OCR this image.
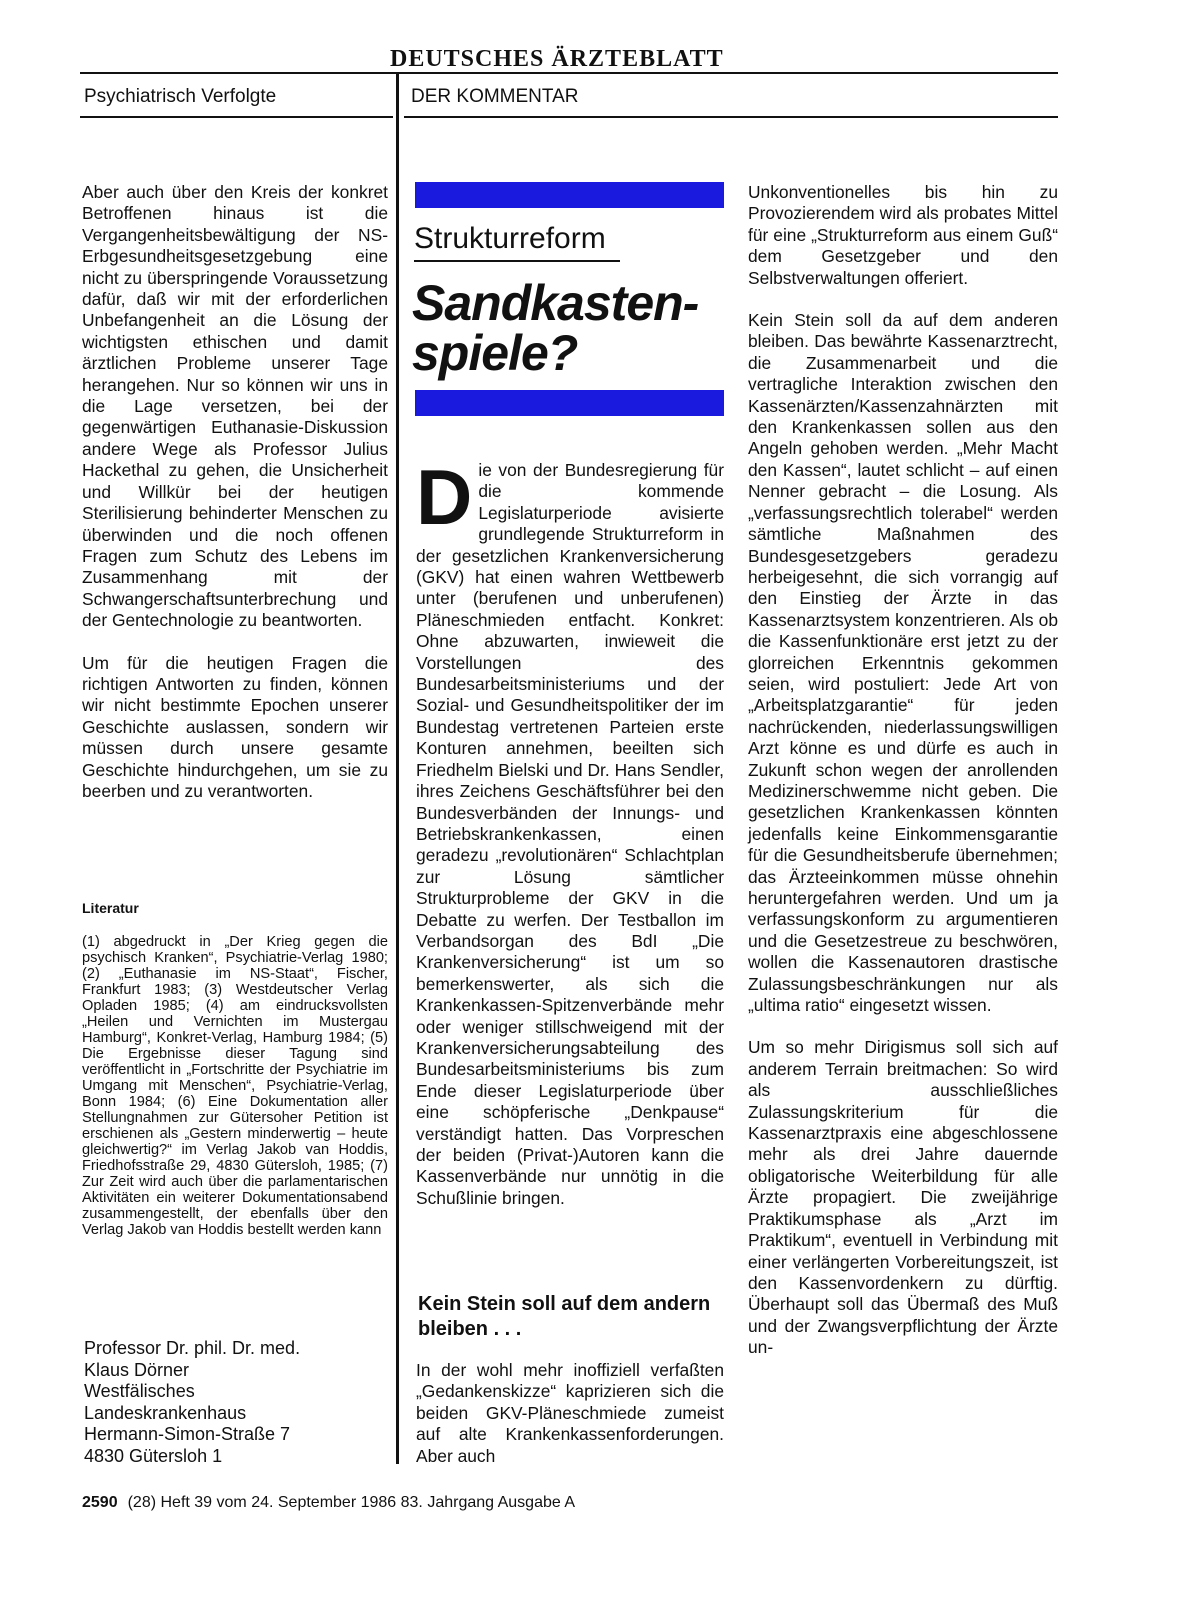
DEUTSCHES ÄRZTEBLATT
Psychiatrisch Verfolgte	DER KOMMENTAR

Aber auch über den Kreis der konkret Betroffenen hinaus ist die Vergangenheitsbewältigung der NS-Erbgesundheitsgesetzgebung eine nicht zu überspringende Voraussetzung dafür, daß wir mit der erforderlichen Unbefangenheit an die Lösung der wichtigsten ethischen und damit ärztlichen Probleme unserer Tage herangehen. Nur so können wir uns in die Lage versetzen, bei der gegenwärtigen Euthanasie-Diskussion andere Wege als Professor Julius Hackethal zu gehen, die Unsicherheit und Willkür bei der heutigen Sterilisierung behinderter Menschen zu überwinden und die noch offenen Fragen zum Schutz des Lebens im Zusammenhang mit der Schwangerschaftsunterbrechung und der Gentechnologie zu beantworten.

Um für die heutigen Fragen die richtigen Antworten zu finden, können wir nicht bestimmte Epochen unserer Geschichte auslassen, sondern wir müssen durch unsere gesamte Geschichte hindurchgehen, um sie zu beerben und zu verantworten.

Literatur
(1) abgedruckt in „Der Krieg gegen die psychisch Kranken“, Psychiatrie-Verlag 1980; (2) „Euthanasie im NS-Staat“, Fischer, Frankfurt 1983; (3) Westdeutscher Verlag Opladen 1985; (4) am eindrucksvollsten „Heilen und Vernichten im Mustergau Hamburg“, Konkret-Verlag, Hamburg 1984; (5) Die Ergebnisse dieser Tagung sind veröffentlicht in „Fortschritte der Psychiatrie im Umgang mit Menschen“, Psychiatrie-Verlag, Bonn 1984; (6) Eine Dokumentation aller Stellungnahmen zur Gütersoher Petition ist erschienen als „Gestern minderwertig – heute gleichwertig?“ im Verlag Jakob van Hoddis, Friedhofsstraße 29, 4830 Gütersloh, 1985; (7) Zur Zeit wird auch über die parlamentarischen Aktivitäten ein weiterer Dokumentationsabend zusammengestellt, der ebenfalls über den Verlag Jakob van Hoddis bestellt werden kann
Professor Dr. phil. Dr. med.
Klaus Dörner
Westfälisches
Landeskrankenhaus
Hermann-Simon-Straße 7
4830 Gütersloh 1
Strukturreform
Sandkasten-
spiele?
D ie von der Bundesregierung für die kommende Legislaturperiode avisierte grundlegende Strukturreform in der gesetzlichen Krankenversicherung (GKV) hat einen wahren Wettbewerb unter (berufenen und unberufenen) Pläneschmieden entfacht. Konkret: Ohne abzuwarten, inwieweit die Vorstellungen des Bundesarbeitsministeriums und der Sozial- und Gesundheitspolitiker der im Bundestag vertretenen Parteien erste Konturen annehmen, beeilten sich Friedhelm Bielski und Dr. Hans Sendler, ihres Zeichens Geschäftsführer bei den Bundesverbänden der Innungs- und Betriebskrankenkassen, einen geradezu „revolutionären“ Schlachtplan zur Lösung sämtlicher Strukturprobleme der GKV in die Debatte zu werfen. Der Testballon im Verbandsorgan des BdI „Die Krankenversicherung“ ist um so bemerkenswerter, als sich die Krankenkassen-Spitzenverbände mehr oder weniger stillschweigend mit der Krankenversicherungsabteilung des Bundesarbeitsministeriums bis zum Ende dieser Legislaturperiode über eine schöpferische „Denkpause“ verständigt hatten. Das Vorpreschen der beiden (Privat-)Autoren kann die Kassenverbände nur unnötig in die Schußlinie bringen.
Kein Stein soll auf dem andern bleiben . . .
In der wohl mehr inoffiziell verfaßten „Gedankenskizze“ kaprizieren sich die beiden GKV-Pläneschmiede zumeist auf alte Krankenkassenforderungen. Aber auch

Unkonventionelles bis hin zu Provozierendem wird als probates Mittel für eine „Strukturreform aus einem Guß“ dem Gesetzgeber und den Selbstverwaltungen offeriert.

Kein Stein soll da auf dem anderen bleiben. Das bewährte Kassenarztrecht, die Zusammenarbeit und die vertragliche Interaktion zwischen den Kassenärzten/Kassenzahnärzten mit den Krankenkassen sollen aus den Angeln gehoben werden. „Mehr Macht den Kassen“, lautet schlicht – auf einen Nenner gebracht – die Losung. Als „verfassungsrechtlich tolerabel“ werden sämtliche Maßnahmen des Bundesgesetzgebers geradezu herbeigesehnt, die sich vorrangig auf den Einstieg der Ärzte in das Kassenarztsystem konzentrieren. Als ob die Kassenfunktionäre erst jetzt zu der glorreichen Erkenntnis gekommen seien, wird postuliert: Jede Art von „Arbeitsplatzgarantie“ für jeden nachrückenden, niederlassungswilligen Arzt könne es und dürfe es auch in Zukunft schon wegen der anrollenden Medizinerschwemme nicht geben. Die gesetzlichen Krankenkassen könnten jedenfalls keine Einkommensgarantie für die Gesundheitsberufe übernehmen; das Ärzteeinkommen müsse ohnehin heruntergefahren werden. Und um ja verfassungskonform zu argumentieren und die Gesetzestreue zu beschwören, wollen die Kassenautoren drastische Zulassungsbeschränkungen nur als „ultima ratio“ eingesetzt wissen.

Um so mehr Dirigismus soll sich auf anderem Terrain breitmachen: So wird als ausschließliches Zulassungskriterium für die Kassenarztpraxis eine abgeschlossene mehr als drei Jahre dauernde obligatorische Weiterbildung für alle Ärzte propagiert. Die zweijährige Praktikumsphase als „Arzt im Praktikum“, eventuell in Verbindung mit einer verlängerten Vorbereitungszeit, ist den Kassenvordenkern zu dürftig. Überhaupt soll das Übermaß des Muß und der Zwangsverpflichtung der Ärzte un-

2590 (28) Heft 39 vom 24. September 1986 83. Jahrgang Ausgabe A
